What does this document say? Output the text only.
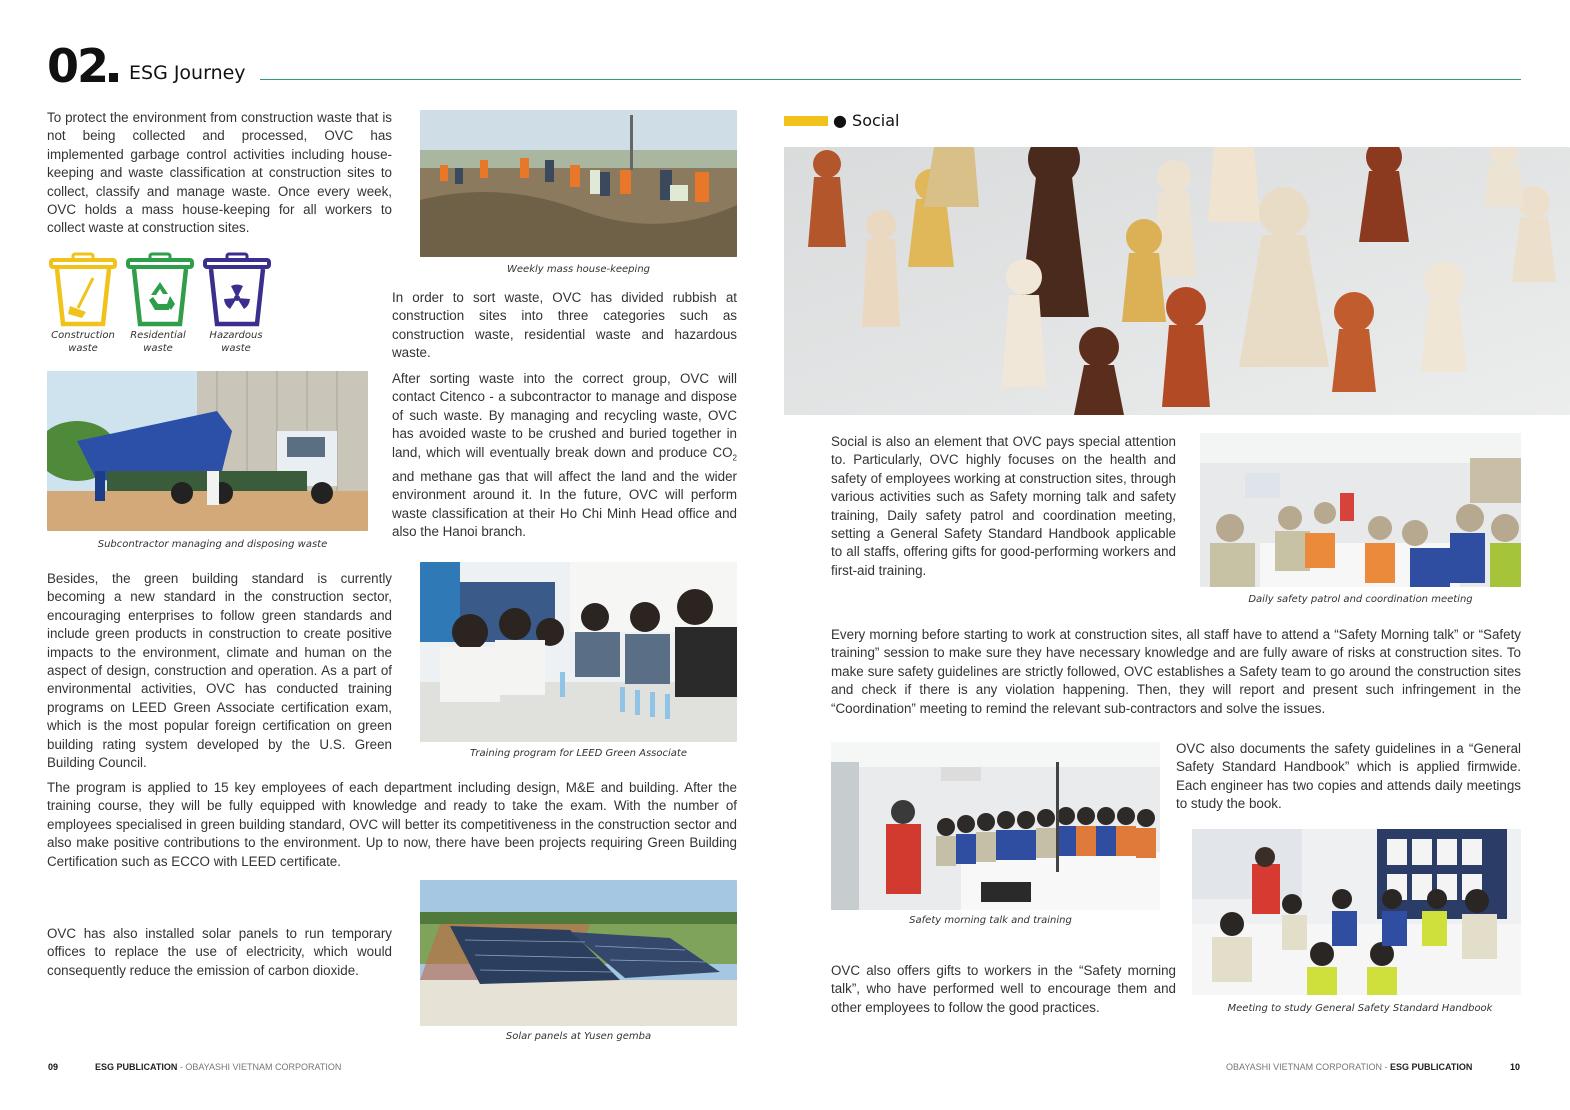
02	ESG Journey
To protect the environment from construction waste that is not being collected and processed, OVC has implemented garbage control activities including house-keeping and waste classification at construction sites to collect, classify and manage waste. Once every week, OVC holds a mass house-keeping for all workers to collect waste at construction sites.
Weekly mass house-keeping
Construction waste
Residential waste
Hazardous waste
In order to sort waste, OVC has divided rubbish at construction sites into three categories such as construction waste, residential waste and hazardous waste.
Subcontractor managing and disposing waste
After sorting waste into the correct group, OVC will contact Citenco - a subcontractor to manage and dispose of such waste. By managing and recycling waste, OVC has avoided waste to be crushed and buried together in land, which will eventually break down and produce $CO_2$ and methane gas that will affect the land and the wider environment around it. In the future, OVC will perform waste classification at their Ho Chi Minh Head office and also the Hanoi branch.
Besides, the green building standard is currently becoming a new standard in the construction sector, encouraging enterprises to follow green standards and include green products in construction to create positive impacts to the environment, climate and human on the aspect of design, construction and operation. As a part of environmental activities, OVC has conducted training programs on LEED Green Associate certification exam, which is the most popular foreign certification on green building rating system developed by the U.S. Green Building Council.
Training program for LEED Green Associate
The program is applied to 15 key employees of each department including design, M&E and building. After the training course, they will be fully equipped with knowledge and ready to take the exam. With the number of employees specialised in green building standard, OVC will better its competitiveness in the construction sector and also make positive contributions to the environment. Up to now, there have been projects requiring Green Building Certification such as ECCO with LEED certificate.
Solar panels at Yusen gemba
OVC has also installed solar panels to run temporary offices to replace the use of electricity, which would consequently reduce the emission of carbon dioxide.
● Social
Social is also an element that OVC pays special attention to. Particularly, OVC highly focuses on the health and safety of employees working at construction sites, through various activities such as Safety morning talk and safety training, Daily safety patrol and coordination meeting, setting a General Safety Standard Handbook applicable to all staffs, offering gifts for good-performing workers and first-aid training.
Daily safety patrol and coordination meeting
Every morning before starting to work at construction sites, all staff have to attend a “Safety Morning talk” or “Safety training” session to make sure they have necessary knowledge and are fully aware of risks at construction sites. To make sure safety guidelines are strictly followed, OVC establishes a Safety team to go around the construction sites and check if there is any violation happening. Then, they will report and present such infringement in the “Coordination” meeting to remind the relevant sub-contractors and solve the issues.
Safety morning talk and training
OVC also documents the safety guidelines in a “General Safety Standard Handbook” which is applied firmwide. Each engineer has two copies and attends daily meetings to study the book.
Meeting to study General Safety Standard Handbook
OVC also offers gifts to workers in the “Safety morning talk”, who have performed well to encourage them and other employees to follow the good practices.
09	ESG PUBLICATION - OBAYASHI VIETNAM CORPORATION	OBAYASHI VIETNAM CORPORATION - ESG PUBLICATION	10
